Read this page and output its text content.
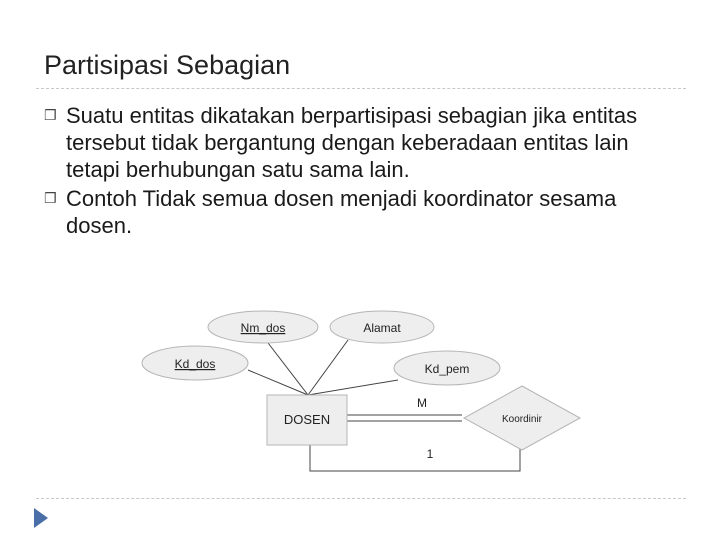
Partisipasi Sebagian
❒ Suatu entitas dikatakan berpartisipasi sebagian jika entitas tersebut tidak bergantung dengan keberadaan entitas lain tetapi berhubungan satu sama lain.
❒ Contoh Tidak semua dosen menjadi koordinator sesama dosen.
Nm_dos	Alamat
Kd_dos	Kd_pem
DOSEN	Koordinir
M
1
